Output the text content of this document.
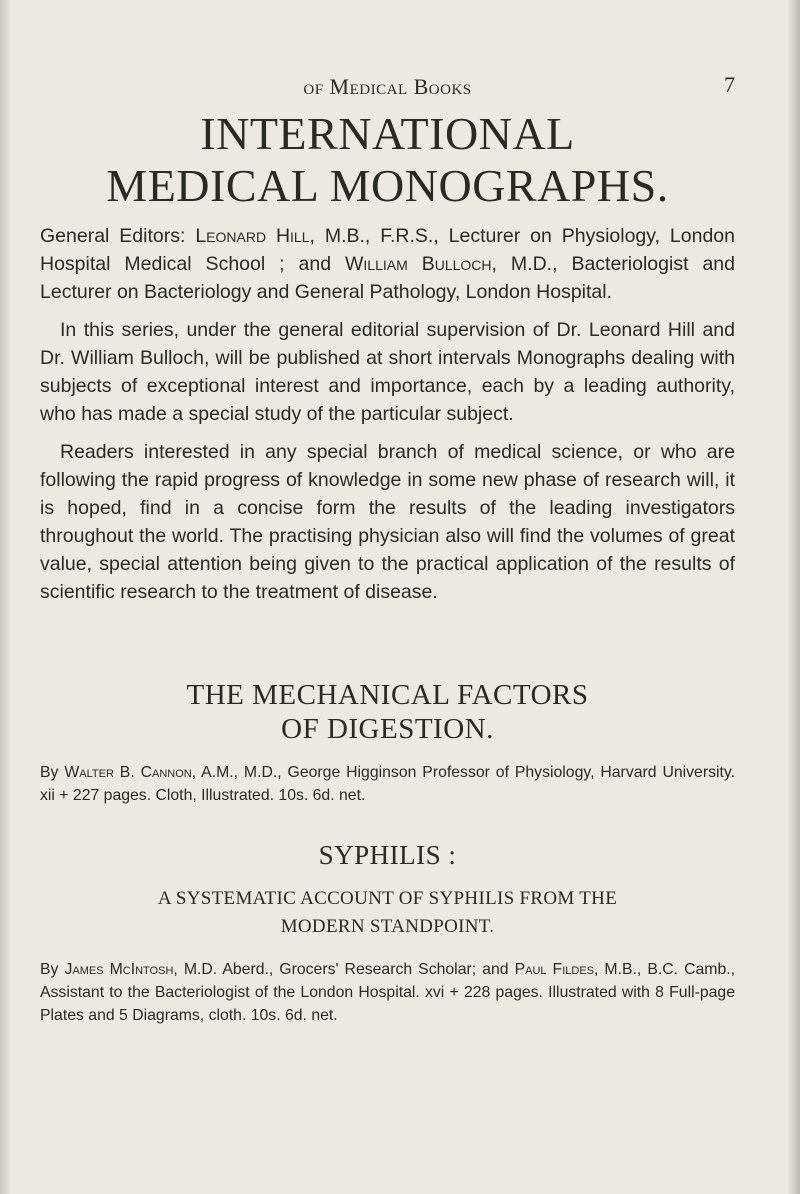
of Medical Books	7
INTERNATIONAL
MEDICAL MONOGRAPHS.

General Editors: Leonard Hill, M.B., F.R.S., Lecturer on Physiology, London Hospital Medical School ; and William Bulloch, M.D., Bacteriologist and Lecturer on Bacteriology and General Pathology, London Hospital.

In this series, under the general editorial supervision of Dr. Leonard Hill and Dr. William Bulloch, will be published at short intervals Monographs dealing with subjects of exceptional interest and importance, each by a leading authority, who has made a special study of the particular subject.

Readers interested in any special branch of medical science, or who are following the rapid progress of knowledge in some new phase of research will, it is hoped, find in a concise form the results of the leading investigators throughout the world. The practising physician also will find the volumes of great value, special attention being given to the practical application of the results of scientific research to the treatment of disease.

THE MECHANICAL FACTORS
OF DIGESTION.
By Walter B. Cannon, A.M., M.D., George Higginson Professor of Physiology, Harvard University. xii + 227 pages. Cloth, Illustrated. 10s. 6d. net.
SYPHILIS :
A SYSTEMATIC ACCOUNT OF SYPHILIS FROM THE
MODERN STANDPOINT.
By James McIntosh, M.D. Aberd., Grocers' Research Scholar; and Paul Fildes, M.B., B.C. Camb., Assistant to the Bacteriologist of the London Hospital. xvi + 228 pages. Illustrated with 8 Full-page Plates and 5 Diagrams, cloth. 10s. 6d. net.
